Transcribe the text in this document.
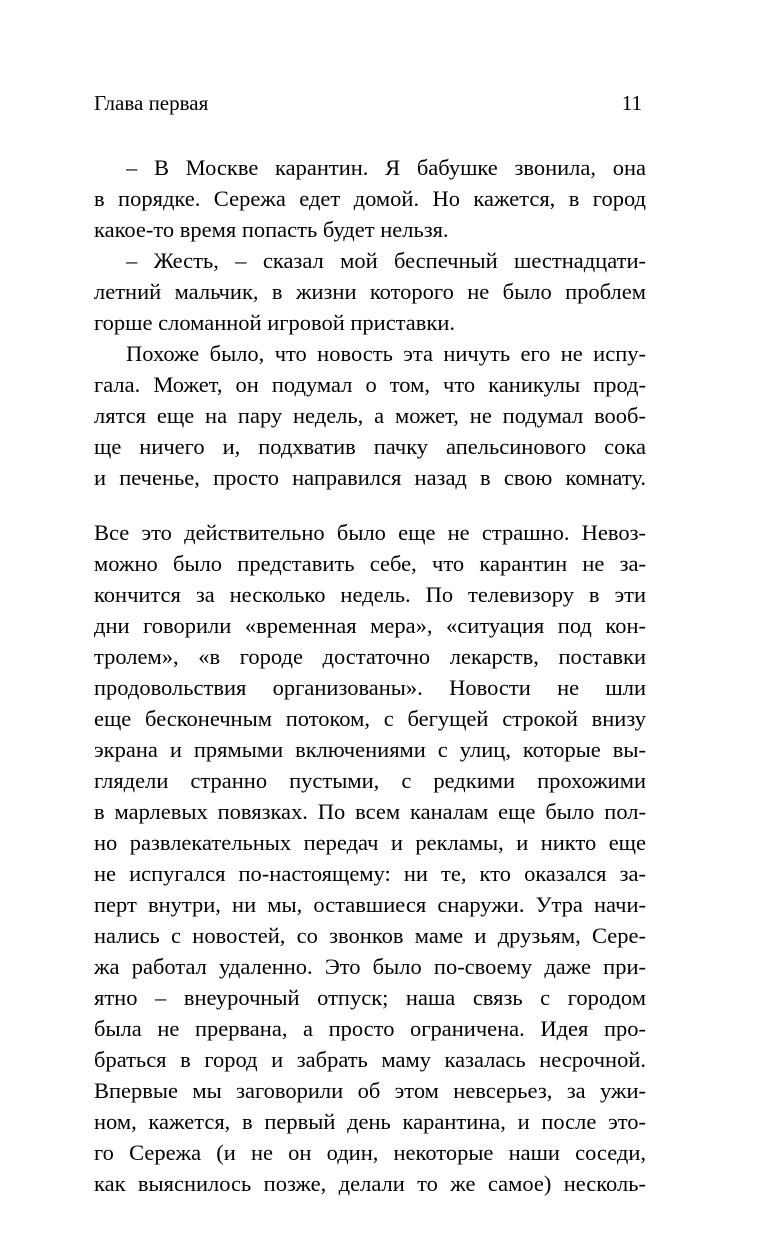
Глава первая	11
– В Москве карантин. Я бабушке звонила, она
в порядке. Сережа едет домой. Но кажется, в город
какое-то время попасть будет нельзя.
– Жесть, – сказал мой беспечный шестнадцати-
летний мальчик, в жизни которого не было проблем
горше сломанной игровой приставки.
Похоже было, что новость эта ничуть его не испу-
гала. Может, он подумал о том, что каникулы прод-
лятся еще на пару недель, а может, не подумал вооб-
ще ничего и, подхватив пачку апельсинового сока
и печенье, просто направился назад в свою комнату.
Все это действительно было еще не страшно. Невоз-
можно было представить себе, что карантин не за-
кончится за несколько недель. По телевизору в эти
дни говорили «временная мера», «ситуация под кон-
тролем», «в городе достаточно лекарств, поставки
продовольствия организованы». Новости не шли
еще бесконечным потоком, с бегущей строкой внизу
экрана и прямыми включениями с улиц, которые вы-
глядели странно пустыми, с редкими прохожими
в марлевых повязках. По всем каналам еще было пол-
но развлекательных передач и рекламы, и никто еще
не испугался по-настоящему: ни те, кто оказался за-
перт внутри, ни мы, оставшиеся снаружи. Утра начи-
нались с новостей, со звонков маме и друзьям, Сере-
жа работал удаленно. Это было по-своему даже при-
ятно – внеурочный отпуск; наша связь с городом
была не прервана, а просто ограничена. Идея про-
браться в город и забрать маму казалась несрочной.
Впервые мы заговорили об этом невсерьез, за ужи-
ном, кажется, в первый день карантина, и после это-
го Сережа (и не он один, некоторые наши соседи,
как выяснилось позже, делали то же самое) несколь-
